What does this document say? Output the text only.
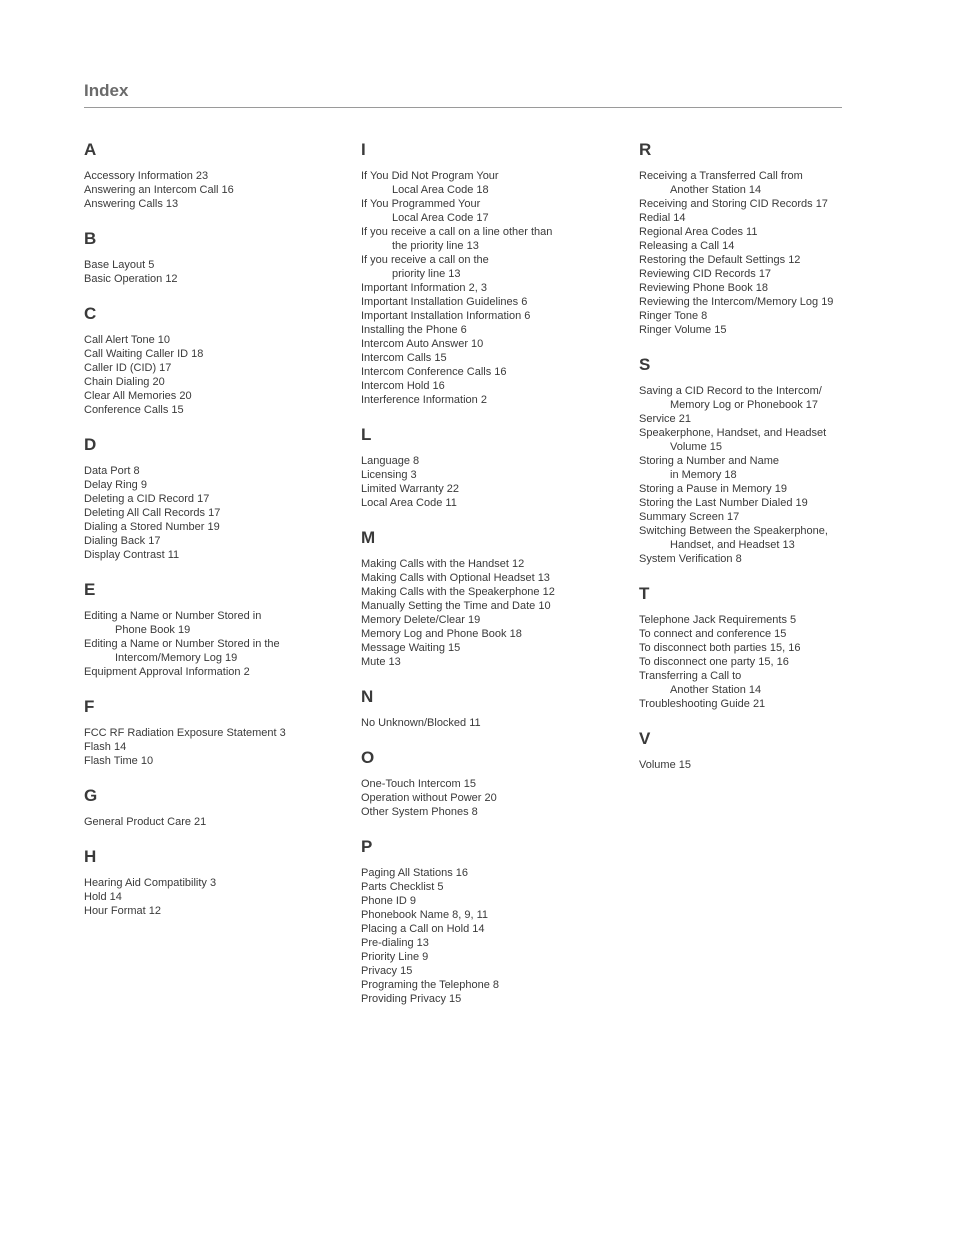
Index
A
Accessory Information 23
Answering an Intercom Call 16
Answering Calls 13
B
Base Layout 5
Basic Operation 12
C
Call Alert Tone 10
Call Waiting Caller ID 18
Caller ID (CID) 17
Chain Dialing 20
Clear All Memories 20
Conference Calls 15
D
Data Port 8
Delay Ring 9
Deleting a CID Record 17
Deleting All Call Records 17
Dialing a Stored Number 19
Dialing Back 17
Display Contrast 11
E
Editing a Name or Number Stored in
Phone Book 19
Editing a Name or Number Stored in the
Intercom/Memory Log 19
Equipment Approval Information 2
F
FCC RF Radiation Exposure Statement 3
Flash 14
Flash Time 10
G
General Product Care 21
H
Hearing Aid Compatibility 3
Hold 14
Hour Format 12
I
If You Did Not Program Your
Local Area Code 18
If You Programmed Your
Local Area Code 17
If you receive a call on a line other than
the priority line 13
If you receive a call on the
priority line 13
Important Information 2, 3
Important Installation Guidelines 6
Important Installation Information 6
Installing the Phone 6
Intercom Auto Answer 10
Intercom Calls 15
Intercom Conference Calls 16
Intercom Hold 16
Interference Information 2
L
Language 8
Licensing 3
Limited Warranty 22
Local Area Code 11
M
Making Calls with the Handset 12
Making Calls with Optional Headset 13
Making Calls with the Speakerphone 12
Manually Setting the Time and Date 10
Memory Delete/Clear 19
Memory Log and Phone Book 18
Message Waiting 15
Mute 13
N
No Unknown/Blocked 11
O
One-Touch Intercom 15
Operation without Power 20
Other System Phones 8
P
Paging All Stations 16
Parts Checklist 5
Phone ID 9
Phonebook Name 8, 9, 11
Placing a Call on Hold 14
Pre-dialing 13
Priority Line 9
Privacy 15
Programing the Telephone 8
Providing Privacy 15
R
Receiving a Transferred Call from
Another Station 14
Receiving and Storing CID Records 17
Redial 14
Regional Area Codes 11
Releasing a Call 14
Restoring the Default Settings 12
Reviewing CID Records 17
Reviewing Phone Book 18
Reviewing the Intercom/Memory Log 19
Ringer Tone 8
Ringer Volume 15
S
Saving a CID Record to the Intercom/
Memory Log or Phonebook 17
Service 21
Speakerphone, Handset, and Headset
Volume 15
Storing a Number and Name
in Memory 18
Storing a Pause in Memory 19
Storing the Last Number Dialed 19
Summary Screen 17
Switching Between the Speakerphone,
Handset, and Headset 13
System Verification 8
T
Telephone Jack Requirements 5
To connect and conference 15
To disconnect both parties 15, 16
To disconnect one party 15, 16
Transferring a Call to
Another Station 14
Troubleshooting Guide 21
V
Volume 15
